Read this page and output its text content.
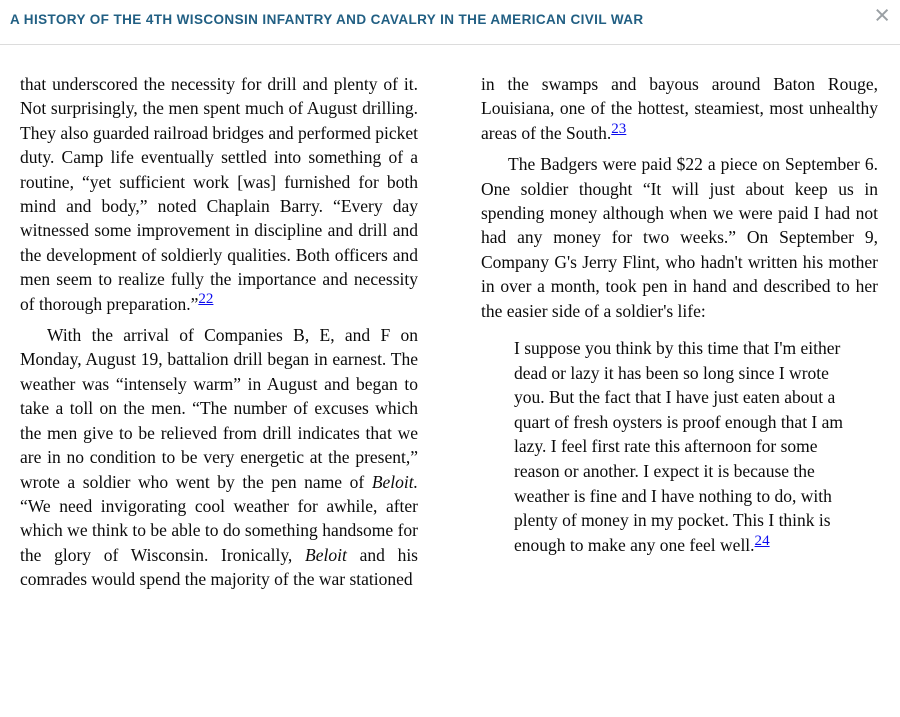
A HISTORY OF THE 4TH WISCONSIN INFANTRY AND CAVALRY IN THE AMERICAN CIVIL WAR	×

that underscored the necessity for drill and plenty of it. Not surprisingly, the men spent much of August drilling. They also guarded railroad bridges and performed picket duty. Camp life eventually settled into something of a routine, “yet sufficient work [was] furnished for both mind and body,” noted Chaplain Barry. “Every day witnessed some improvement in discipline and drill and the development of soldierly qualities. Both officers and men seem to realize fully the importance and necessity of thorough preparation.”22

With the arrival of Companies B, E, and F on Monday, August 19, battalion drill began in earnest. The weather was “intensely warm” in August and began to take a toll on the men. “The number of excuses which the men give to be relieved from drill indicates that we are in no condition to be very energetic at the present,” wrote a soldier who went by the pen name of Beloit. “We need invigorating cool weather for awhile, after which we think to be able to do something handsome for the glory of Wisconsin. Ironically, Beloit and his comrades would spend the majority of the war stationed

in the swamps and bayous around Baton Rouge, Louisiana, one of the hottest, steamiest, most unhealthy areas of the South.23

The Badgers were paid $22 a piece on September 6. One soldier thought “It will just about keep us in spending money although when we were paid I had not had any money for two weeks.” On September 9, Company G's Jerry Flint, who hadn't written his mother in over a month, took pen in hand and described to her the easier side of a soldier's life:

I suppose you think by this time that I'm either dead or lazy it has been so long since I wrote you. But the fact that I have just eaten about a quart of fresh oysters is proof enough that I am lazy. I feel first rate this afternoon for some reason or another. I expect it is because the weather is fine and I have nothing to do, with plenty of money in my pocket. This I think is enough to make any one feel well.24
